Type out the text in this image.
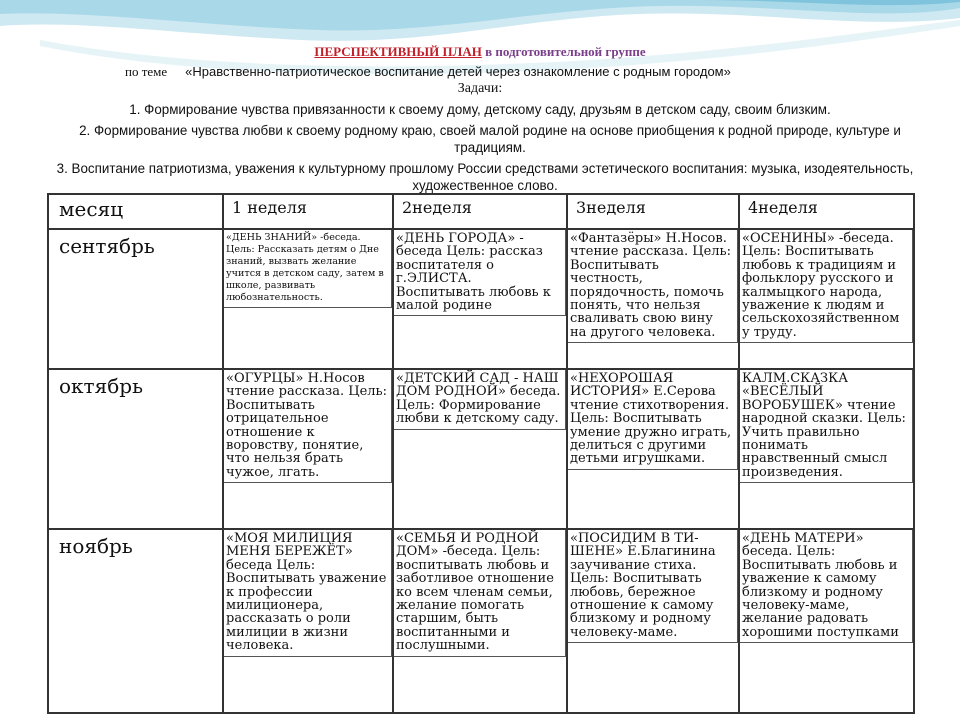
ПЕРСПЕКТИВНЫЙ ПЛАН в подготовительной группе
по теме «Нравственно-патриотическое воспитание детей через ознакомление с родным городом»
Задачи:
1. Формирование чувства привязанности к своему дому, детскому саду, друзьям в детском саду, своим близким.
2. Формирование чувства любви к своему родному краю, своей малой родине на основе приобщения к родной природе, культуре и традициям.
3. Воспитание патриотизма, уважения к культурному прошлому России средствами эстетического воспитания: музыка, изодеятельность, художественное слово.
месяц	1 неделя	2неделя	3неделя	4неделя

сентябрь	«ДЕНЬ ЗНАНИЙ» -беседа. Цель: Рассказать детям о Дне знаний, вызвать желание учится в детском саду, затем в школе, развивать любознательность.	«ДЕНЬ ГОРОДА» - беседа Цель: рассказ воспитателя о г.ЭЛИСТА. Воспитывать любовь к малой родине	«Фантазёры» Н.Носов. чтение рассказа. Цель: Воспитывать честность, порядочность, помочь понять, что нельзя сваливать свою вину на другого человека.	«ОСЕНИНЫ» -беседа. Цель: Воспитывать любовь к традициям и фольклору русского и калмыцкого народа, уважение к людям и сельскохозяйственном у труду.

октябрь	«ОГУРЦЫ» Н.Носов чтение рассказа. Цель: Воспитывать отрицательное отношение к воровству, понятие, что нельзя брать чужое, лгать.	«ДЕТСКИЙ САД - НАШ ДОМ РОДНОЙ» беседа. Цель: Формирование любви к детскому саду.	«НЕХОРОШАЯ ИСТОРИЯ» Е.Серова чтение стихотворения. Цель: Воспитывать умение дружно играть, делиться с другими детьми игрушками.	КАЛМ.СКАЗКА «ВЕСЁЛЫЙ ВОРОБУШЕК» чтение народной сказки. Цель: Учить правильно понимать нравственный смысл произведения.

ноябрь	«МОЯ МИЛИЦИЯ МЕНЯ БЕРЕЖЁТ» беседа Цель: Воспитывать уважение к профессии милиционера, рассказать о роли милиции в жизни человека.	«СЕМЬЯ И РОДНОЙ ДОМ» -беседа. Цель: воспитывать любовь и заботливое отношение ко всем членам семьи, желание помогать старшим, быть воспитанными и послушными.	«ПОСИДИМ В ТИ-ШЕНЕ» Е.Благинина заучивание стиха. Цель: Воспитывать любовь, бережное отношение к самому близкому и родному человеку-маме.	«ДЕНЬ МАТЕРИ» беседа. Цель: Воспитывать любовь и уважение к самому близкому и родному человеку-маме, желание радовать хорошими поступками
